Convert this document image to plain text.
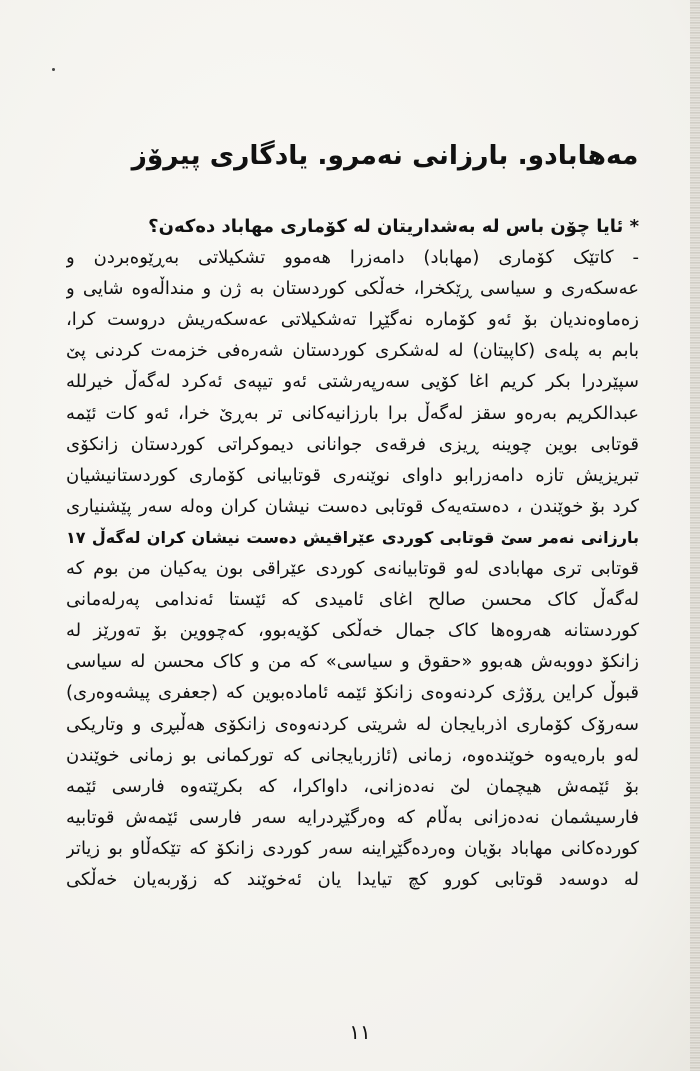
مەهابادو. بارزانی نەمرو. یادگاری پیرۆز
* ئایا چۆن باس لە بەشداریتان لە کۆماری مهاباد دەکەن؟
- کاتێک کۆماری (مهاباد) دامەزرا هەموو تشکیلاتی بەڕێوەبردن و
عەسکەری و سیاسی ڕێکخرا، خەڵکی کوردستان بە ژن و منداڵەوە شایی و
زەماوەندیان بۆ ئەو کۆمارە نەگێڕا تەشکیلاتی عەسکەریش دروست کرا،
بابم بە پلەی (کاپیتان) لە لەشکری کوردستان شەرەفی خزمەت کردنی پێ
سپێردرا بکر کریم اغا کۆیی سەرپەرشتی ئەو تیپەی ئەکرد لەگەڵ خیرلله
عبدالکریم بەرەو سقز لەگەڵ برا بارزانیەکانی تر بەڕێ خرا، ئەو کات ئێمە
قوتابی بوین چوینە ڕیزی فرقەی جوانانی دیموکراتی کوردستان زانکۆی
تبریزیش تازە دامەزرابو داوای نوێنەری قوتابیانی کۆماری کوردستانیشیان
کرد بۆ خوێندن ، دەستەیەک قوتابی دەست نیشان کران وەلە سەر پێشنیاری
بارزانی نەمر سێ قوتابی کوردی عێراقیش دەست نیشان کران لەگەڵ ١٧
قوتابی تری مهابادی لەو قوتابیانەی کوردی عێراقی بون یەکیان من بوم کە
لەگەڵ کاک محسن صالح اغای ئامیدی کە ئێستا ئەندامی پەرلەمانی
کوردستانە هەروەها کاک جمال خەڵکی کۆیەبوو، کەچووین بۆ تەورێز لە
زانکۆ دووبەش هەبوو «حقوق و سیاسی» کە من و کاک محسن لە سیاسی
قبوڵ کراین ڕۆژی کردنەوەی زانکۆ ئێمە ئامادەبوین کە (جعفری پیشەوەری)
سەرۆک کۆماری اذربایجان لە شریتی کردنەوەی زانکۆی هەڵبڕی و وتاریکی
لەو بارەیەوە خوێندەوە، زمانی (ئازربایجانی کە تورکمانی بو زمانی خوێندن
بۆ ئێمەش هیچمان لێ نەدەزانی، داواکرا، کە بکرێتەوە فارسی ئێمە
فارسیشمان نەدەزانی بەڵام کە وەرگێڕدرایە سەر فارسی ئێمەش قوتابیە
کوردەکانی مهاباد بۆیان وەردەگێڕاینە سەر کوردی زانکۆ کە تێکەڵاو بو زیاتر
لە دوسەد قوتابی کورو کچ تیایدا یان ئەخوێند کە زۆربەیان خەڵکی
١١
